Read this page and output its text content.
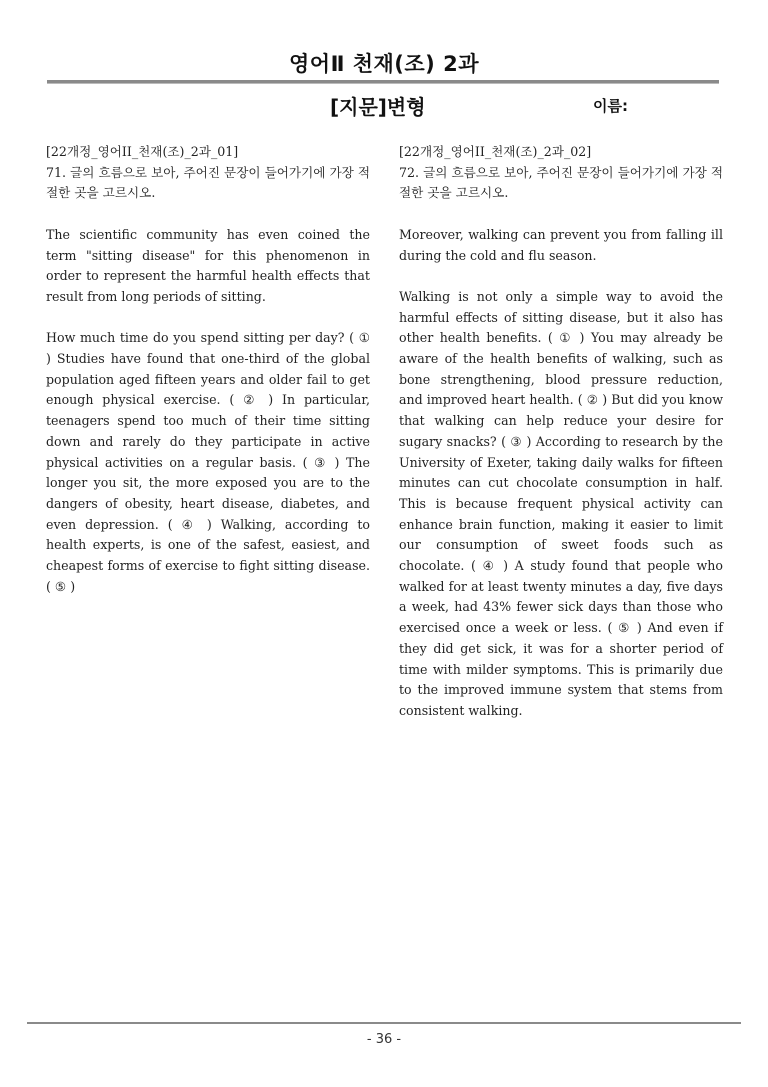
영어Ⅱ 천재(조) 2과
[지문]변형	이름:
[22개정_영어II_천재(조)_2과_01]
71. 글의 흐름으로 보아, 주어진 문장이 들어가기에 가장 적절한 곳을 고르시오.

The scientific community has even coined the term "sitting disease" for this phenomenon in order to represent the harmful health effects that result from long periods of sitting.

How much time do you spend sitting per day? ( ① ) Studies have found that one-third of the global population aged fifteen years and older fail to get enough physical exercise. ( ② ) In particular, teenagers spend too much of their time sitting down and rarely do they participate in active physical activities on a regular basis. ( ③ ) The longer you sit, the more exposed you are to the dangers of obesity, heart disease, diabetes, and even depression. ( ④ ) Walking, according to health experts, is one of the safest, easiest, and cheapest forms of exercise to fight sitting disease. ( ⑤ )

[22개정_영어II_천재(조)_2과_02]
72. 글의 흐름으로 보아, 주어진 문장이 들어가기에 가장 적절한 곳을 고르시오.

Moreover, walking can prevent you from falling ill during the cold and flu season.

Walking is not only a simple way to avoid the harmful effects of sitting disease, but it also has other health benefits. ( ① ) You may already be aware of the health benefits of walking, such as bone strengthening, blood pressure reduction, and improved heart health. ( ② ) But did you know that walking can help reduce your desire for sugary snacks? ( ③ ) According to research by the University of Exeter, taking daily walks for fifteen minutes can cut chocolate consumption in half. This is because frequent physical activity can enhance brain function, making it easier to limit our consumption of sweet foods such as chocolate. ( ④ ) A study found that people who walked for at least twenty minutes a day, five days a week, had 43% fewer sick days than those who exercised once a week or less. ( ⑤ ) And even if they did get sick, it was for a shorter period of time with milder symptoms. This is primarily due to the improved immune system that stems from consistent walking.

- 36 -
